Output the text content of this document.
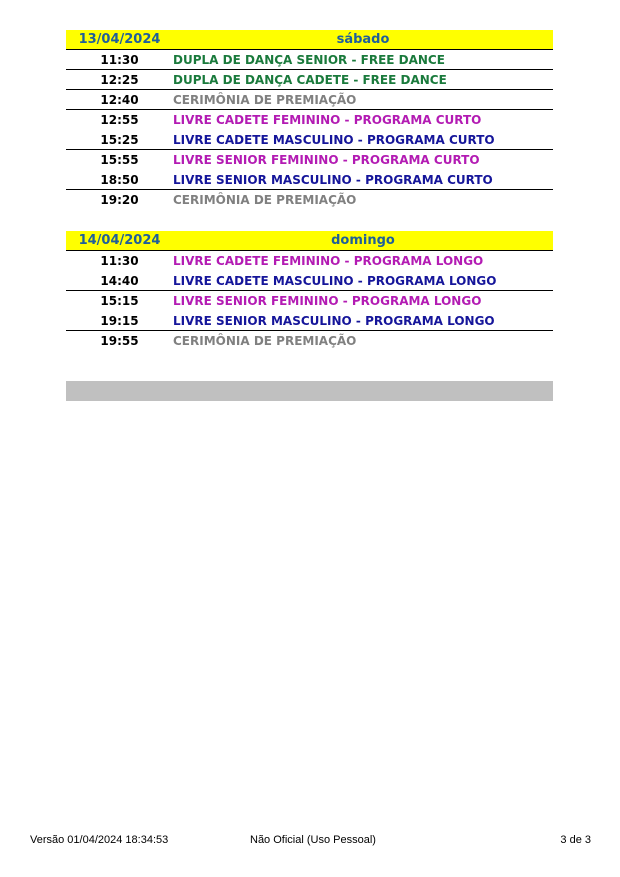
13/04/2024	sábado
11:30	DUPLA DE DANÇA SENIOR - FREE DANCE
12:25	DUPLA DE DANÇA CADETE - FREE DANCE
12:40	CERIMÔNIA DE PREMIAÇÃO
12:55	LIVRE CADETE FEMININO - PROGRAMA CURTO
15:25	LIVRE CADETE MASCULINO - PROGRAMA CURTO
15:55	LIVRE SENIOR FEMININO - PROGRAMA CURTO
18:50	LIVRE SENIOR MASCULINO - PROGRAMA CURTO
19:20	CERIMÔNIA DE PREMIAÇÃO
14/04/2024	domingo
11:30	LIVRE CADETE FEMININO - PROGRAMA LONGO
14:40	LIVRE CADETE MASCULINO - PROGRAMA LONGO
15:15	LIVRE SENIOR FEMININO - PROGRAMA LONGO
19:15	LIVRE SENIOR MASCULINO - PROGRAMA LONGO
19:55	CERIMÔNIA DE PREMIAÇÃO
Versão 01/04/2024 18:34:53	Não Oficial (Uso Pessoal)	3 de 3
